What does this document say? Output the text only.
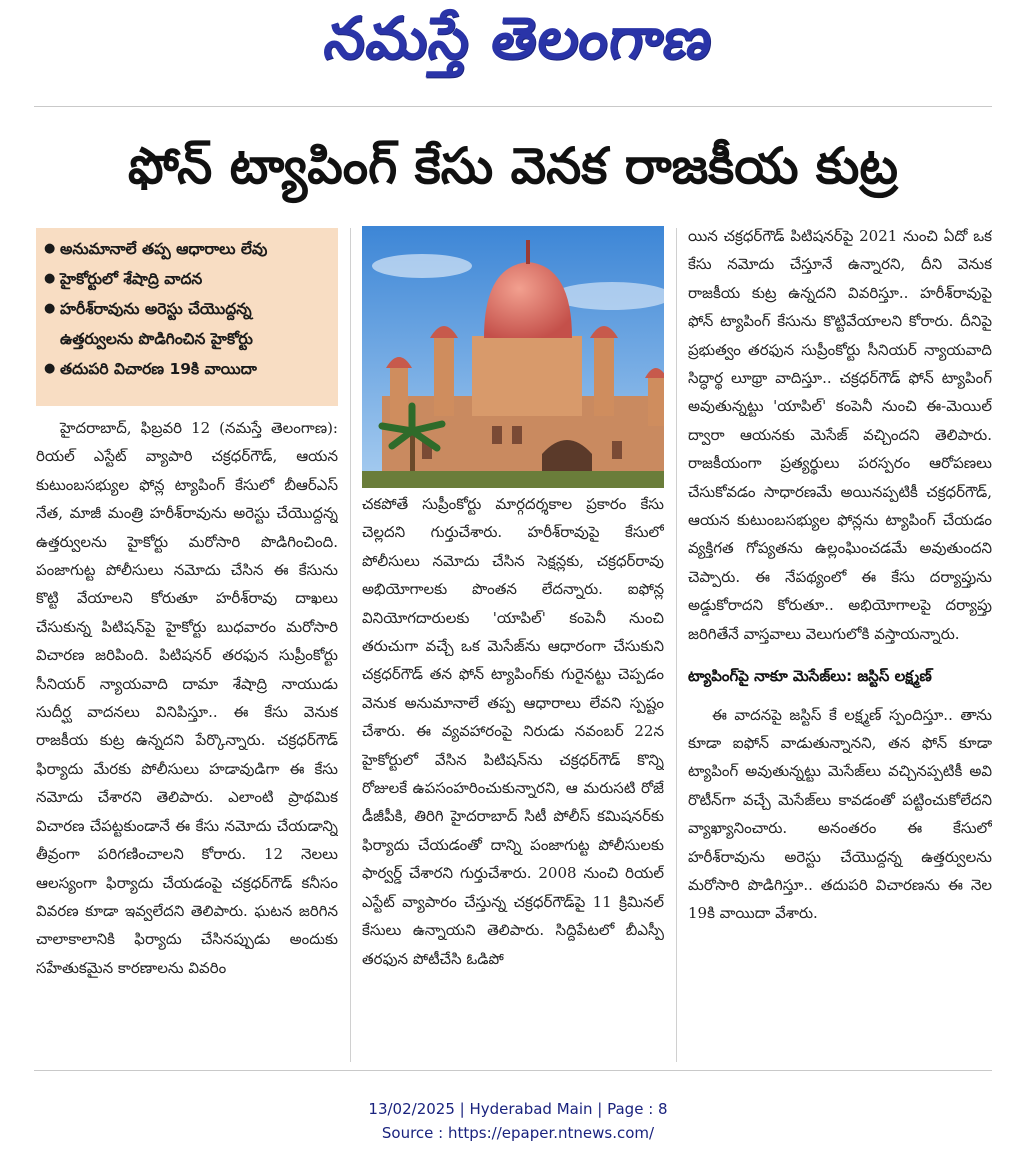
నమస్తే తెలంగాణ
ఫోన్ ట్యాపింగ్ కేసు వెనక రాజకీయ కుట్ర
● అనుమానాలే తప్ప ఆధారాలు లేవు
● హైకోర్టులో శేషాద్రి వాదన
● హరీశ్‌రావును అరెస్టు చేయొద్దన్న ఉత్తర్వులను పొడిగించిన హైకోర్టు
● తదుపరి విచారణ 19కి వాయిదా

హైదరాబాద్, ఫిబ్రవరి 12 (నమస్తే తెలంగాణ): రియల్ ఎస్టేట్ వ్యాపారి చక్రధర్‌గౌడ్, ఆయన కుటుంబసభ్యుల ఫోన్ల ట్యాపింగ్ కేసులో బీఆర్‌ఎస్ నేత, మాజీ మంత్రి హరీశ్‌రావును అరెస్టు చేయొద్దన్న ఉత్తర్వులను హైకోర్టు మరోసారి పొడిగించింది. పంజాగుట్ట పోలీసులు నమోదు చేసిన ఈ కేసును కొట్టి వేయాలని కోరుతూ హరీశ్‌రావు దాఖలు చేసుకున్న పిటిషన్‌పై హైకోర్టు బుధవారం మరోసారి విచారణ జరిపింది. పిటిషనర్ తరఫున సుప్రీంకోర్టు సీనియర్ న్యాయవాది దామా శేషాద్రి నాయుడు సుదీర్ఘ వాదనలు వినిపిస్తూ.. ఈ కేసు వెనుక రాజకీయ కుట్ర ఉన్నదని పేర్కొన్నారు. చక్రధర్‌గౌడ్ ఫిర్యాదు మేరకు పోలీసులు హడావుడిగా ఈ కేసు నమోదు చేశారని తెలిపారు. ఎలాంటి ప్రాథమిక విచారణ చేపట్టకుండానే ఈ కేసు నమోదు చేయడాన్ని తీవ్రంగా పరిగణించాలని కోరారు. 12 నెలలు ఆలస్యంగా ఫిర్యాదు చేయడంపై చక్రధర్‌గౌడ్ కనీసం వివరణ కూడా ఇవ్వలేదని తెలిపారు. ఘటన జరిగిన చాలాకాలానికి ఫిర్యాదు చేసినప్పుడు అందుకు సహేతుకమైన కారణాలను వివరిం

చకపోతే సుప్రీంకోర్టు మార్గదర్శకాల ప్రకారం కేసు చెల్లదని గుర్తుచేశారు. హరీశ్‌రావుపై కేసులో పోలీసులు నమోదు చేసిన సెక్షన్లకు, చక్రధర్‌రావు అభియోగాలకు పొంతన లేదన్నారు. ఐఫోన్ల వినియోగదారులకు 'యాపిల్' కంపెనీ నుంచి తరుచుగా వచ్చే ఒక మెసేజ్‌ను ఆధారంగా చేసుకుని చక్రధర్‌గౌడ్ తన ఫోన్ ట్యాపింగ్‌కు గురైనట్టు చెప్పడం వెనుక అనుమానాలే తప్ప ఆధారాలు లేవని స్పష్టం చేశారు. ఈ వ్యవహారంపై నిరుడు నవంబర్ 22న హైకోర్టులో వేసిన పిటిషన్‌ను చక్రధర్‌గౌడ్ కొన్ని రోజులకే ఉపసంహరించుకున్నారని, ఆ మరుసటి రోజే డీజీపీకి, తిరిగి హైదరాబాద్ సిటీ పోలీస్ కమిషనర్‌కు ఫిర్యాదు చేయడంతో దాన్ని పంజాగుట్ట పోలీసులకు ఫార్వర్డ్ చేశారని గుర్తుచేశారు. 2008 నుంచి రియల్ ఎస్టేట్ వ్యాపారం చేస్తున్న చక్రధర్‌గౌడ్‌పై 11 క్రిమినల్ కేసులు ఉన్నాయని తెలిపారు. సిద్దిపేటలో బీఎస్పీ తరఫున పోటీచేసి ఓడిపో

యిన చక్రధర్‌గౌడ్ పిటిషనర్‌పై 2021 నుంచి ఏదో ఒక కేసు నమోదు చేస్తూనే ఉన్నారని, దీని వెనుక రాజకీయ కుట్ర ఉన్నదని వివరిస్తూ.. హరీశ్‌రావుపై ఫోన్ ట్యాపింగ్ కేసును కొట్టివేయాలని కోరారు. దీనిపై ప్రభుత్వం తరఫున సుప్రీంకోర్టు సీనియర్ న్యాయవాది సిద్ధార్థ లూథ్రా వాదిస్తూ.. చక్రధర్‌గౌడ్ ఫోన్ ట్యాపింగ్ అవుతున్నట్టు 'యాపిల్' కంపెనీ నుంచి ఈ-మెయిల్ ద్వారా ఆయనకు మెసేజ్ వచ్చిందని తెలిపారు. రాజకీయంగా ప్రత్యర్థులు పరస్పరం ఆరోపణలు చేసుకోవడం సాధారణమే అయినప్పటికీ చక్రధర్‌గౌడ్, ఆయన కుటుంబసభ్యుల ఫోన్లను ట్యాపింగ్ చేయడం వ్యక్తిగత గోప్యతను ఉల్లంఘించడమే అవుతుందని చెప్పారు. ఈ నేపథ్యంలో ఈ కేసు దర్యాప్తును అడ్డుకోరాదని కోరుతూ.. అభియోగాలపై దర్యాప్తు జరిగితేనే వాస్తవాలు వెలుగులోకి వస్తాయన్నారు.

ట్యాపింగ్‌పై నాకూ మెసేజ్‌లు: జస్టిస్ లక్ష్మణ్

ఈ వాదనపై జస్టిస్ కే లక్ష్మణ్ స్పందిస్తూ.. తాను కూడా ఐఫోన్ వాడుతున్నానని, తన ఫోన్ కూడా ట్యాపింగ్ అవుతున్నట్టు మెసేజ్‌లు వచ్చినప్పటికీ అవి రొటీన్‌గా వచ్చే మెసేజ్‌లు కావడంతో పట్టించుకోలేదని వ్యాఖ్యానించారు. అనంతరం ఈ కేసులో హరీశ్‌రావును అరెస్టు చేయొద్దన్న ఉత్తర్వులను మరోసారి పొడిగిస్తూ.. తదుపరి విచారణను ఈ నెల 19కి వాయిదా వేశారు.

13/02/2025 | Hyderabad Main | Page : 8
Source : https://epaper.ntnews.com/
